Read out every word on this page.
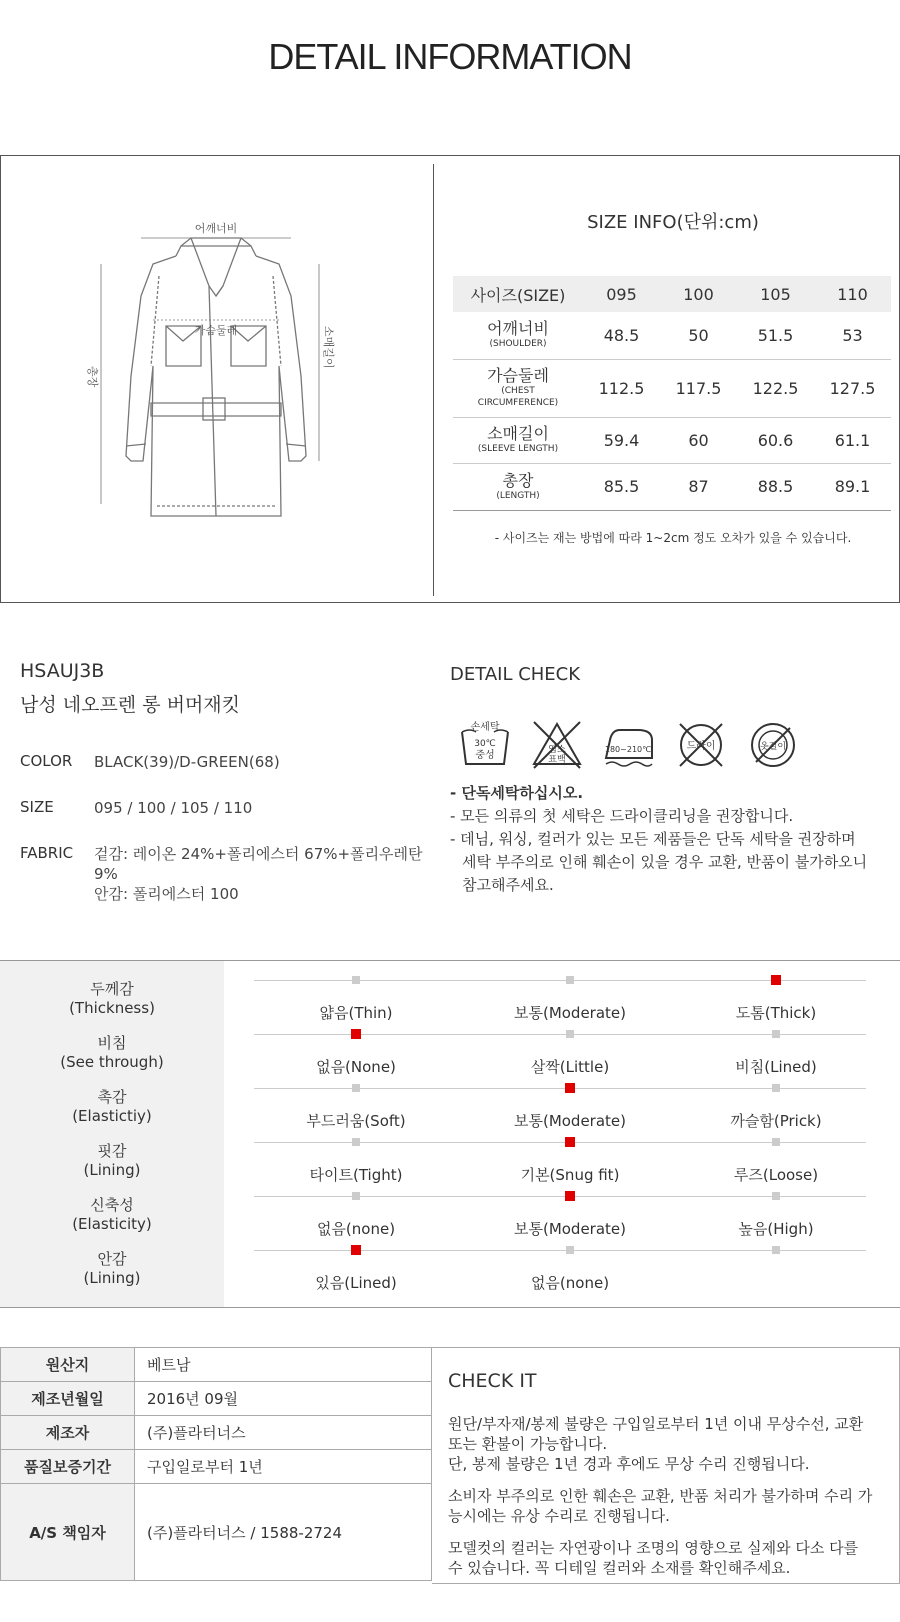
DETAIL INFORMATION
어깨너비
가슴둘레
총장
소매길이
SIZE INFO(단위:cm)
사이즈(SIZE)	095	100	105	110

어깨너비
(SHOULDER)	48.5	50	51.5	53

가슴둘레
(CHEST CIRCUMFERENCE)	112.5	117.5	122.5	127.5

소매길이
(SLEEVE LENGTH)	59.4	60	60.6	61.1

총장
(LENGTH)	85.5	87	88.5	89.1
- 사이즈는 재는 방법에 따라 1~2cm 정도 오차가 있을 수 있습니다.
HSAUJ3B
남성 네오프렌 롱 버머재킷
COLOR	BLACK(39)/D-GREEN(68)
SIZE	095 / 100 / 105 / 110
FABRIC	겉감: 레이온 24%+폴리에스터 67%+폴리우레탄 9%
안감: 폴리에스터 100
DETAIL CHECK
손세탁
30℃
중성	염소
표백
180~210℃	드라이	옷걸이
- 단독세탁하십시오.
- 모든 의류의 첫 세탁은 드라이클리닝을 권장합니다.
- 데님, 워싱, 컬러가 있는 모든 제품들은 단독 세탁을 권장하며
세탁 부주의로 인해 훼손이 있을 경우 교환, 반품이 불가하오니
참고해주세요.
두께감
(Thickness)	얇음(Thin)	보통(Moderate)	도톰(Thick)
비침
(See through)	없음(None)	살짝(Little)	비침(Lined)
촉감
(Elastictiy)	부드러움(Soft)	보통(Moderate)	까슬함(Prick)
핏감
(Lining)	타이트(Tight)	기본(Snug fit)	루즈(Loose)
신축성
(Elasticity)	없음(none)	보통(Moderate)	높음(High)
안감
(Lining)	있음(Lined)	없음(none)
원산지	베트남
제조년월일	2016년 09월
제조자	(주)플라터너스
품질보증기간	구입일로부터 1년
A/S 책임자	(주)플라터너스 / 1588-2724
CHECK IT
원단/부자재/봉제 불량은 구입일로부터 1년 이내 무상수선, 교환
또는 환불이 가능합니다.
단, 봉제 불량은 1년 경과 후에도 무상 수리 진행됩니다.
소비자 부주의로 인한 훼손은 교환, 반품 처리가 불가하며 수리 가
능시에는 유상 수리로 진행됩니다.
모델컷의 컬러는 자연광이나 조명의 영향으로 실제와 다소 다를
수 있습니다. 꼭 디테일 컬러와 소재를 확인해주세요.
